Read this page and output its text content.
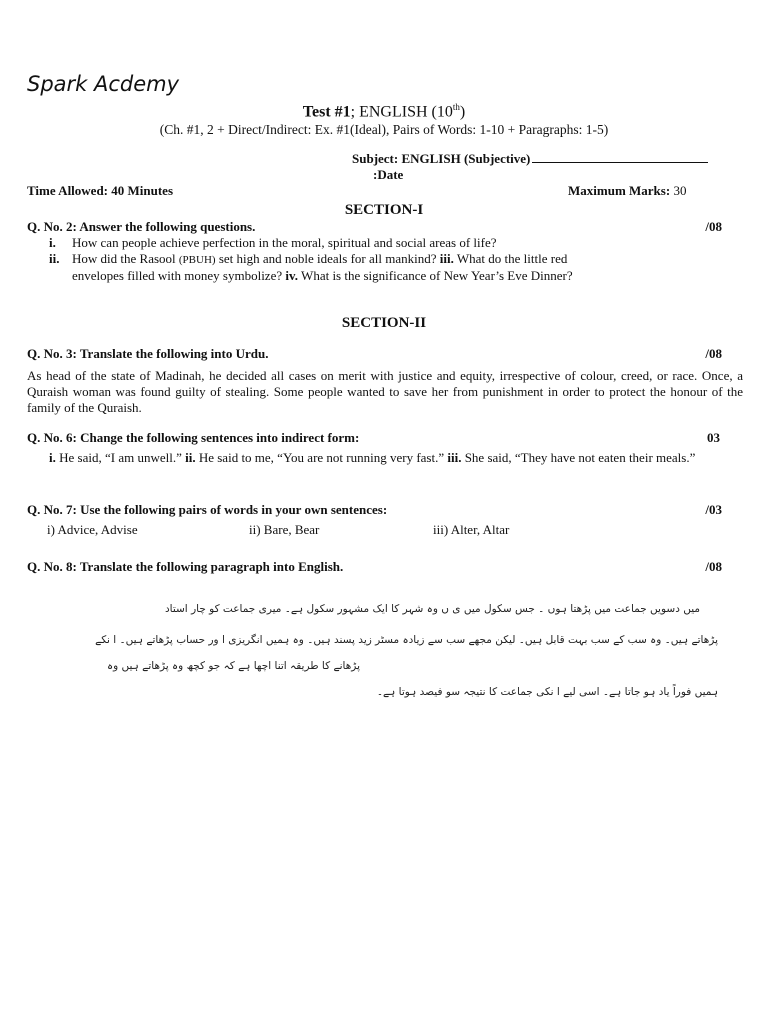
Spark Acdemy
Test #1; ENGLISH (10th)
(Ch. #1, 2 + Direct/Indirect: Ex. #1(Ideal), Pairs of Words: 1-10 + Paragraphs: 1-5)
Subject: ENGLISH (Subjective)
:Date
Time Allowed: 40 Minutes	Maximum Marks: 30
SECTION-I
Q. No. 2: Answer the following questions.	/08
i.	How can people achieve perfection in the moral, spiritual and social areas of life?
ii. How did the Rasool (PBUH) set high and noble ideals for all mankind? iii. What do the little red envelopes filled with money symbolize? iv. What is the significance of New Year’s Eve Dinner?
SECTION-II
Q. No. 3: Translate the following into Urdu.	/08
As head of the state of Madinah, he decided all cases on merit with justice and equity, irrespective of colour, creed, or race. Once, a Quraish woman was found guilty of stealing. Some people wanted to save her from punishment in order to protect the honour of the family of the Quraish.
Q. No. 6: Change the following sentences into indirect form:	03
i. He said, “I am unwell.” ii. He said to me, “You are not running very fast.” iii. She said, “They have not eaten their meals.”
Q. No. 7: Use the following pairs of words in your own sentences:	/03
i) Advice, Advise	ii) Bare, Bear	iii) Alter, Altar
Q. No. 8: Translate the following paragraph into English.	/08
میں دسویں جماعت میں پڑھتا ہوں ۔ جس سکول میں ی ں وہ شہر کا ایک مشہور سکول ہے۔ میری جماعت کو چار استاد
پڑھاتے ہیں۔ وہ سب کے سب بہت قابل ہیں۔ لیکن مجھے سب سے زیادہ مسٹر زید پسند ہیں۔ وہ ہمیں انگریزی ا ور حساب پڑھاتے ہیں۔ ا نکے
پڑھانے کا طریقہ اتنا اچھا ہے کہ جو کچھ وہ پڑھاتے ہیں وہ
ہمیں فوراً یاد ہو جاتا ہے۔ اسی لیے ا نکی جماعت کا نتیجہ سو فیصد ہوتا ہے۔
